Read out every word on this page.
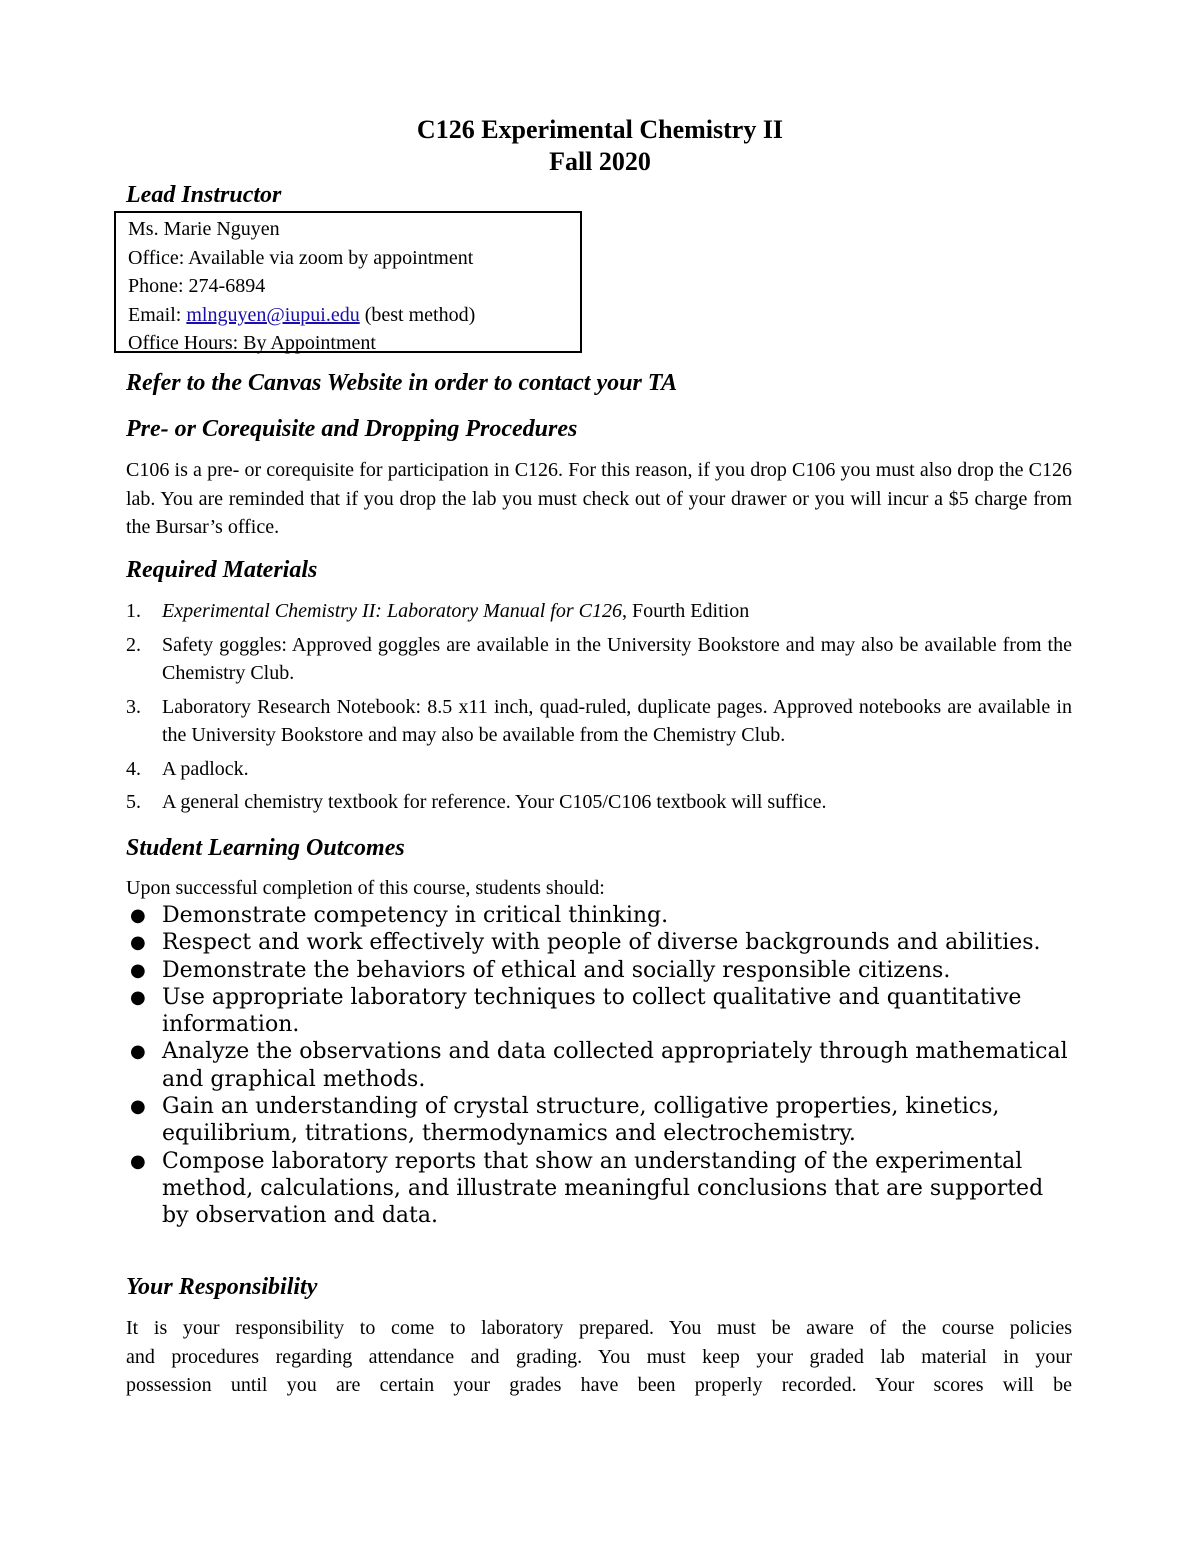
C126 Experimental Chemistry II
Fall 2020
Lead Instructor
Ms. Marie Nguyen
Office: Available via zoom by appointment
Phone: 274-6894
Email: mlnguyen@iupui.edu (best method)
Office Hours: By Appointment
Refer to the Canvas Website in order to contact your TA
Pre- or Corequisite and Dropping Procedures
C106 is a pre- or corequisite for participation in C126. For this reason, if you drop C106 you must also drop the C126 lab. You are reminded that if you drop the lab you must check out of your drawer or you will incur a $5 charge from the Bursar’s office.
Required Materials
1. Experimental Chemistry II: Laboratory Manual for C126, Fourth Edition
2. Safety goggles: Approved goggles are available in the University Bookstore and may also be available from the Chemistry Club.
3. Laboratory Research Notebook: 8.5 x11 inch, quad-ruled, duplicate pages. Approved notebooks are available in the University Bookstore and may also be available from the Chemistry Club.
4. A padlock.
5. A general chemistry textbook for reference. Your C105/C106 textbook will suffice.
Student Learning Outcomes
Upon successful completion of this course, students should:
● Demonstrate competency in critical thinking.
● Respect and work effectively with people of diverse backgrounds and abilities.
● Demonstrate the behaviors of ethical and socially responsible citizens.
● Use appropriate laboratory techniques to collect qualitative and quantitative information.
● Analyze the observations and data collected appropriately through mathematical and graphical methods.
● Gain an understanding of crystal structure, colligative properties, kinetics, equilibrium, titrations, thermodynamics and electrochemistry.
● Compose laboratory reports that show an understanding of the experimental method, calculations, and illustrate meaningful conclusions that are supported by observation and data.
Your Responsibility
It is your responsibility to come to laboratory prepared. You must be aware of the course policies
and procedures regarding attendance and grading. You must keep your graded lab material in your
possession until you are certain your grades have been properly recorded. Your scores will be
